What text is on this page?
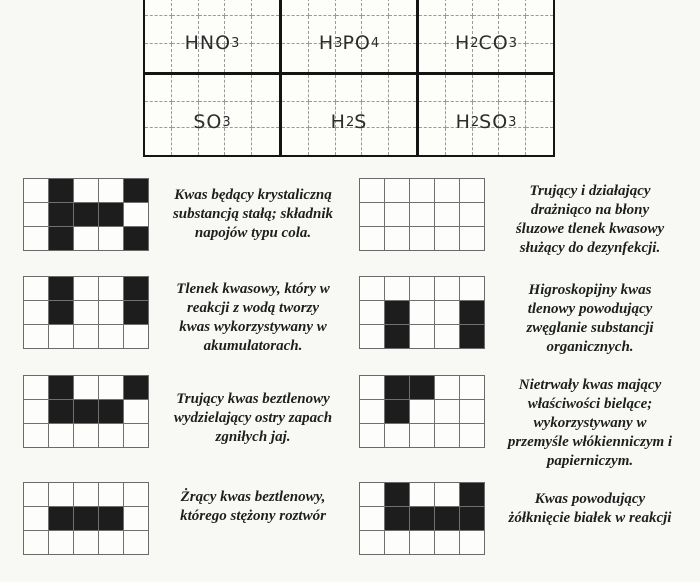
HNO 3	H 3 PO 4	H 2 CO 3
SO 3	H 2 S	H 2 SO 3
Kwas będący krystaliczną
substancją stałą; składnik
napojów typu cola.
Trujący i działający
drażniąco na błony
śluzowe tlenek kwasowy
służący do dezynfekcji.
Tlenek kwasowy, który w
reakcji z wodą tworzy
kwas wykorzystywany w
akumulatorach.
Higroskopijny kwas
tlenowy powodujący
zwęglanie substancji
organicznych.
Trujący kwas beztlenowy
wydzielający ostry zapach
zgniłych jaj.
Nietrwały kwas mający
właściwości bielące;
wykorzystywany w
przemyśle włókienniczym i
papierniczym.
Żrący kwas beztlenowy,
którego stężony roztwór
Kwas powodujący
żółknięcie białek w reakcji
